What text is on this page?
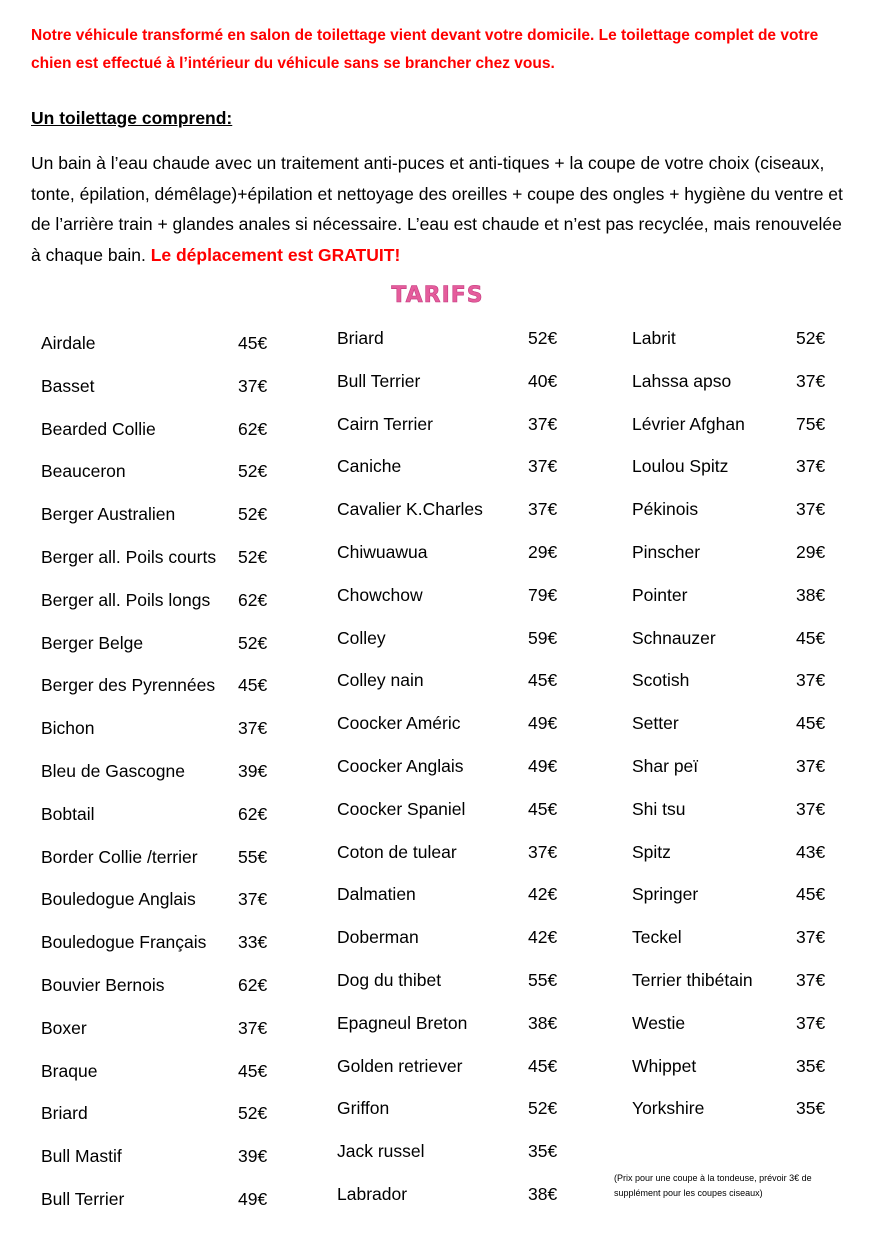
Notre véhicule transformé en salon de toilettage vient devant votre domicile. Le toilettage complet de votre chien est effectué à l’intérieur du véhicule sans se brancher chez vous.

Un toilettage comprend:

Un bain à l’eau chaude avec un traitement anti-puces et anti-tiques + la coupe de votre choix (ciseaux, tonte, épilation, démêlage)+épilation et nettoyage des oreilles + coupe des ongles + hygiène du ventre et de l’arrière train + glandes anales si nécessaire. L’eau est chaude et n’est pas recyclée, mais renouvelée à chaque bain. Le déplacement est GRATUIT!

TARIFS
Airdale	45€
Basset	37€
Bearded Collie	62€
Beauceron	52€
Berger Australien	52€
Berger all. Poils courts 52€
Berger all. Poils longs 62€
Berger Belge	52€
Berger des Pyrennées 45€
Bichon	37€
Bleu de Gascogne	39€
Bobtail	62€
Border Collie /terrier 55€
Bouledogue Anglais 37€
Bouledogue Français 33€
Bouvier Bernois	62€
Boxer	37€
Braque	45€
Briard	52€
Bull Mastif	39€
Bull Terrier	49€
Briard	52€
Bull Terrier	40€
Cairn Terrier	37€
Caniche	37€
Cavalier K.Charles	37€
Chiwuawua	29€
Chowchow	79€
Colley	59€
Colley nain	45€
Coocker Améric	49€
Coocker Anglais	49€
Coocker Spaniel	45€
Coton de tulear	37€
Dalmatien	42€
Doberman	42€
Dog du thibet	55€
Epagneul Breton	38€
Golden retriever	45€
Griffon	52€
Jack russel	35€
Labrador	38€
Labrit	52€
Lahssa apso	37€
Lévrier Afghan	75€
Loulou Spitz	37€
Pékinois	37€
Pinscher	29€
Pointer	38€
Schnauzer	45€
Scotish	37€
Setter	45€
Shar peï	37€
Shi tsu	37€
Spitz	43€
Springer	45€
Teckel	37€
Terrier thibétain 37€
Westie	37€
Whippet	35€
Yorkshire	35€

(Prix pour une coupe à la tondeuse, prévoir 3€ de supplément pour les coupes ciseaux)
